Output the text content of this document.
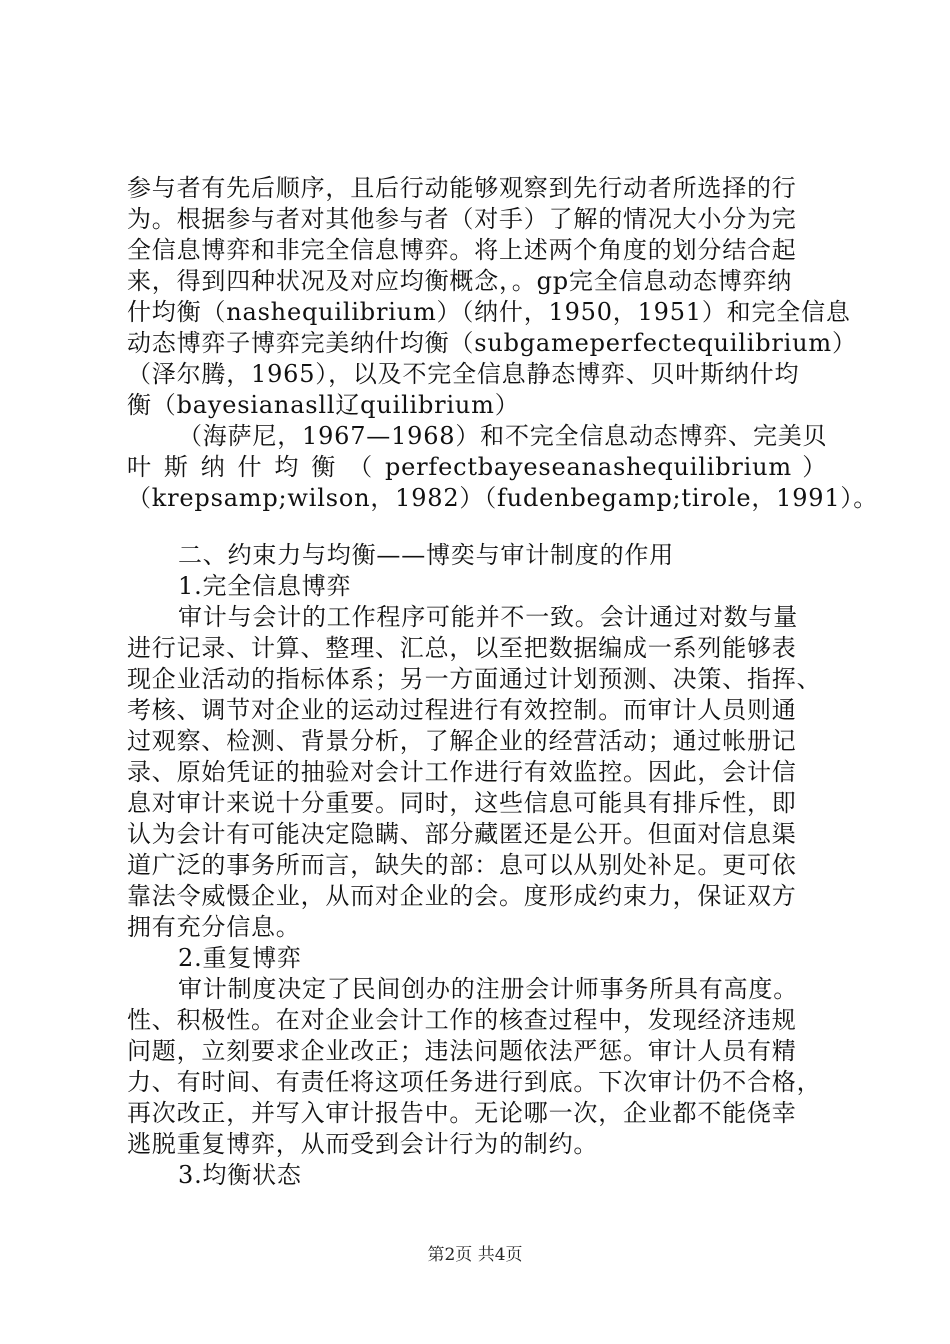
参与者有先后顺序，且后行动能够观察到先行动者所选择的行
为。根据参与者对其他参与者（对手）了解的情况大小分为完
全信息博弈和非完全信息博弈。将上述两个角度的划分结合起
来，得到四种状况及对应均衡概念，。gp完全信息动态博弈纳
什均衡（nashequilibrium）（纳什，1950，1951）和完全信息
动态博弈子博弈完美纳什均衡（subgameperfectequilibrium）
（泽尔腾，1965），以及不完全信息静态博弈、贝叶斯纳什均
衡（bayesianasll辽quilibrium）
（海萨尼，1967—1968）和不完全信息动态博弈、完美贝
叶 斯 纳 什 均 衡 （ perfectbayeseanashequilibrium ）
（krepsamp;wilson，1982）（fudenbegamp;tirole，1991）。
二、约束力与均衡——博奕与审计制度的作用
1.完全信息博弈
审计与会计的工作程序可能并不一致。会计通过对数与量
进行记录、计算、整理、汇总，以至把数据编成一系列能够表
现企业活动的指标体系；另一方面通过计划预测、决策、指挥、
考核、调节对企业的运动过程进行有效控制。而审计人员则通
过观察、检测、背景分析，了解企业的经营活动；通过帐册记
录、原始凭证的抽验对会计工作进行有效监控。因此，会计信
息对审计来说十分重要。同时，这些信息可能具有排斥性，即
认为会计有可能决定隐瞒、部分藏匿还是公开。但面对信息渠
道广泛的事务所而言，缺失的部：息可以从别处补足。更可依
靠法令威慑企业，从而对企业的会。度形成约束力，保证双方
拥有充分信息。
2.重复博弈
审计制度决定了民间创办的注册会计师事务所具有高度。
性、积极性。在对企业会计工作的核查过程中，发现经济违规
问题，立刻要求企业改正；违法问题依法严惩。审计人员有精
力、有时间、有责任将这项任务进行到底。下次审计仍不合格，
再次改正，并写入审计报告中。无论哪一次，企业都不能侥幸
逃脱重复博弈，从而受到会计行为的制约。
3.均衡状态
第2页 共4页
